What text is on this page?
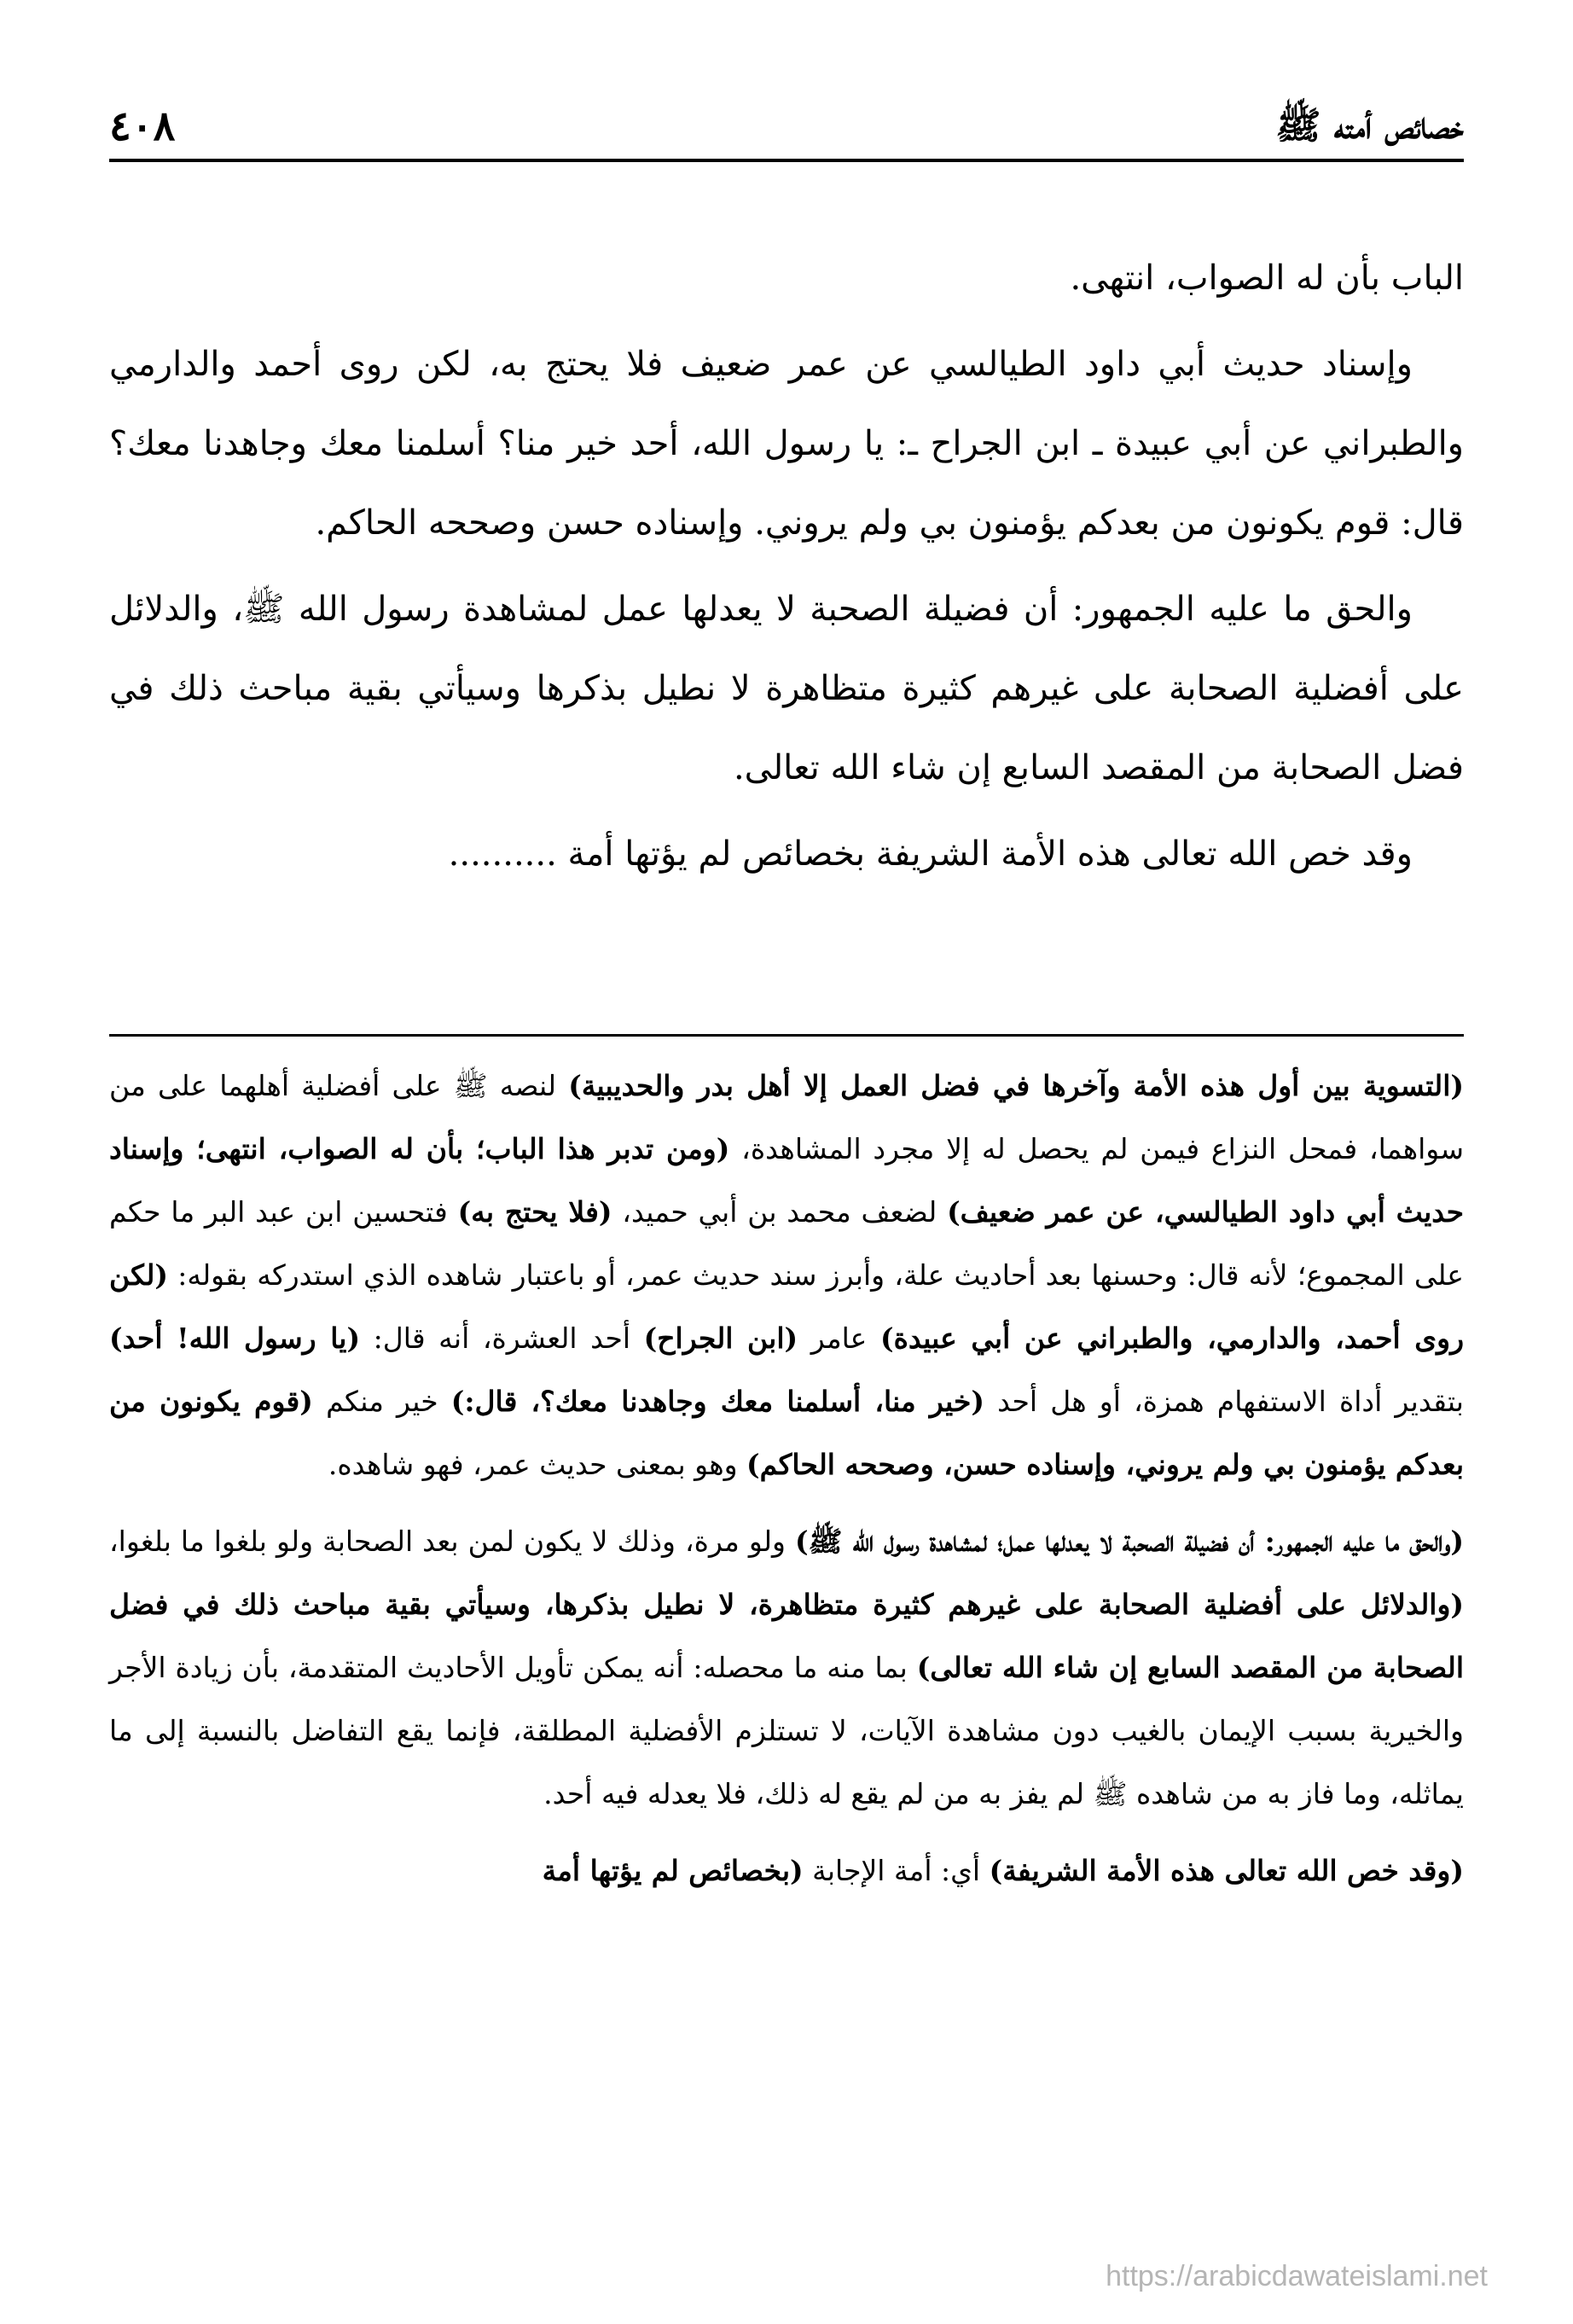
خصائص أمته ﷺ
٤٠٨

الباب بأن له الصواب، انتهى.

وإسناد حديث أبي داود الطيالسي عن عمر ضعيف فلا يحتج به، لكن روى أحمد والدارمي والطبراني عن أبي عبيدة ـ ابن الجراح ـ: يا رسول الله، أحد خير منا؟ أسلمنا معك وجاهدنا معك؟ قال: قوم يكونون من بعدكم يؤمنون بي ولم يروني. وإسناده حسن وصححه الحاكم.

والحق ما عليه الجمهور: أن فضيلة الصحبة لا يعدلها عمل لمشاهدة رسول الله ﷺ، والدلائل على أفضلية الصحابة على غيرهم كثيرة متظاهرة لا نطيل بذكرها وسيأتي بقية مباحث ذلك في فضل الصحابة من المقصد السابع إن شاء الله تعالى.

وقد خص الله تعالى هذه الأمة الشريفة بخصائص لم يؤتها أمة ..........

(التسوية بين أول هذه الأمة وآخرها في فضل العمل إلا أهل بدر والحديبية) لنصه ﷺ على أفضلية أهلهما على من سواهما، فمحل النزاع فيمن لم يحصل له إلا مجرد المشاهدة، (ومن تدبر هذا الباب؛ بأن له الصواب، انتهى؛ وإسناد حديث أبي داود الطيالسي، عن عمر ضعيف) لضعف محمد بن أبي حميد، (فلا يحتج به) فتحسين ابن عبد البر ما حكم على المجموع؛ لأنه قال: وحسنها بعد أحاديث علة، وأبرز سند حديث عمر، أو باعتبار شاهده الذي استدركه بقوله: (لكن روى أحمد، والدارمي، والطبراني عن أبي عبيدة) عامر (ابن الجراح) أحد العشرة، أنه قال: (يا رسول الله! أحد) بتقدير أداة الاستفهام همزة، أو هل أحد (خير منا، أسلمنا معك وجاهدنا معك؟، قال:) خير منكم (قوم يكونون من بعدكم يؤمنون بي ولم يروني، وإسناده حسن، وصححه الحاكم) وهو بمعنى حديث عمر، فهو شاهده.

(والحق ما عليه الجمهور: أن فضيلة الصحبة لا يعدلها عمل؛ لمشاهدة رسول الله ﷺ) ولو مرة، وذلك لا يكون لمن بعد الصحابة ولو بلغوا ما بلغوا، (والدلائل على أفضلية الصحابة على غيرهم كثيرة متظاهرة، لا نطيل بذكرها، وسيأتي بقية مباحث ذلك في فضل الصحابة من المقصد السابع إن شاء الله تعالى) بما منه ما محصله: أنه يمكن تأويل الأحاديث المتقدمة، بأن زيادة الأجر والخيرية بسبب الإيمان بالغيب دون مشاهدة الآيات، لا تستلزم الأفضلية المطلقة، فإنما يقع التفاضل بالنسبة إلى ما يماثله، وما فاز به من شاهده ﷺ لم يفز به من لم يقع له ذلك، فلا يعدله فيه أحد.

(وقد خص الله تعالى هذه الأمة الشريفة) أي: أمة الإجابة (بخصائص لم يؤتها أمة

https://arabicdawateislami.net
